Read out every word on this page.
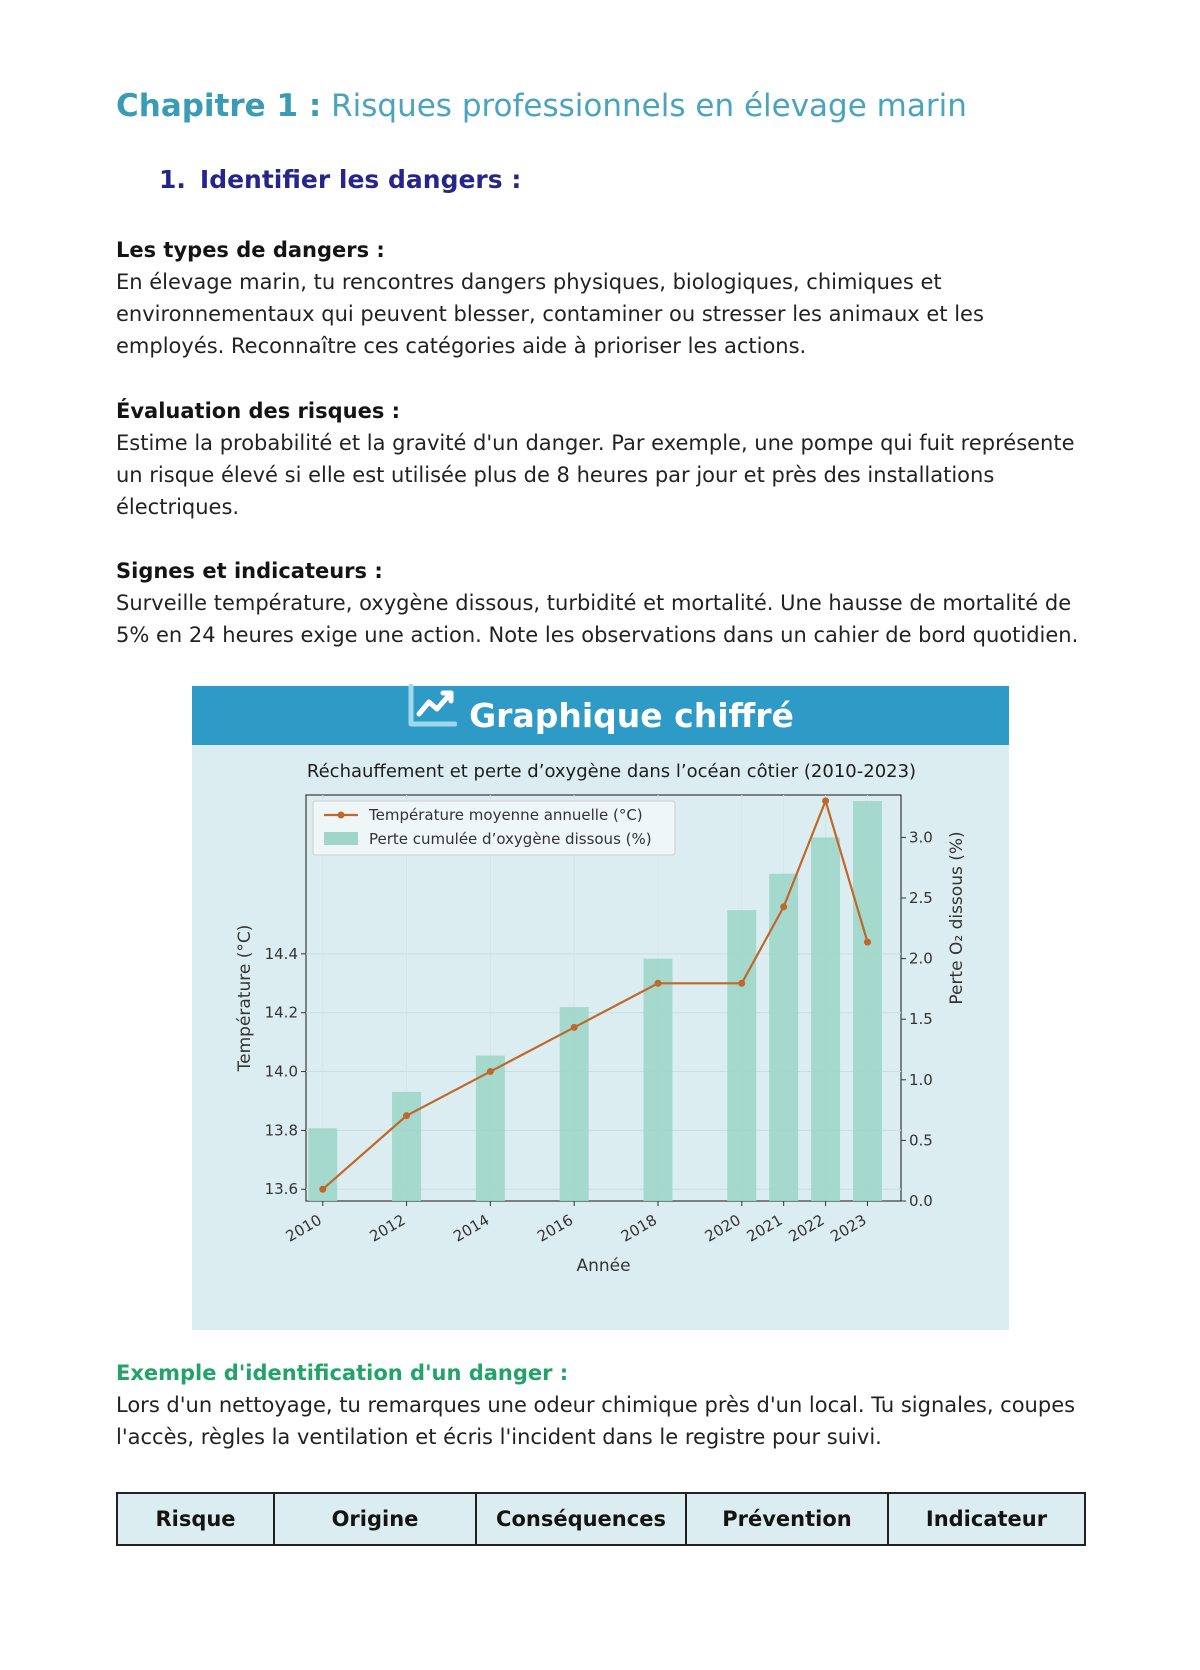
Chapitre 1 : Risques professionnels en élevage marin
1. Identifier les dangers :
Les types de dangers :

En élevage marin, tu rencontres dangers physiques, biologiques, chimiques et environnementaux qui peuvent blesser, contaminer ou stresser les animaux et les employés. Reconnaître ces catégories aide à prioriser les actions.

Évaluation des risques :

Estime la probabilité et la gravité d'un danger. Par exemple, une pompe qui fuit représente un risque élevé si elle est utilisée plus de 8 heures par jour et près des installations électriques.

Signes et indicateurs :

Surveille température, oxygène dissous, turbidité et mortalité. Une hausse de mortalité de 5% en 24 heures exige une action. Note les observations dans un cahier de bord quotidien.

Exemple d'identification d'un danger :

Lors d'un nettoyage, tu remarques une odeur chimique près d'un local. Tu signales, coupes l'accès, règles la ventilation et écris l'incident dans le registre pour suivi.

Graphique chiffré
Réchauffement et perte d’oxygène dans l’océan côtier (2010-2023)
13.6
13.8
14.0
14.2
14.4
0.0
0.5
1.0
1.5
2.0
2.5
3.0
2010	2012	2014	2016	2018	2020 2021 2022 2023
Année
Température (°C)	Perte O₂ dissous (%)
Température moyenne annuelle (°C)
Perte cumulée d’oxygène dissous (%)
Risque	Origine	Conséquences	Prévention	Indicateur
